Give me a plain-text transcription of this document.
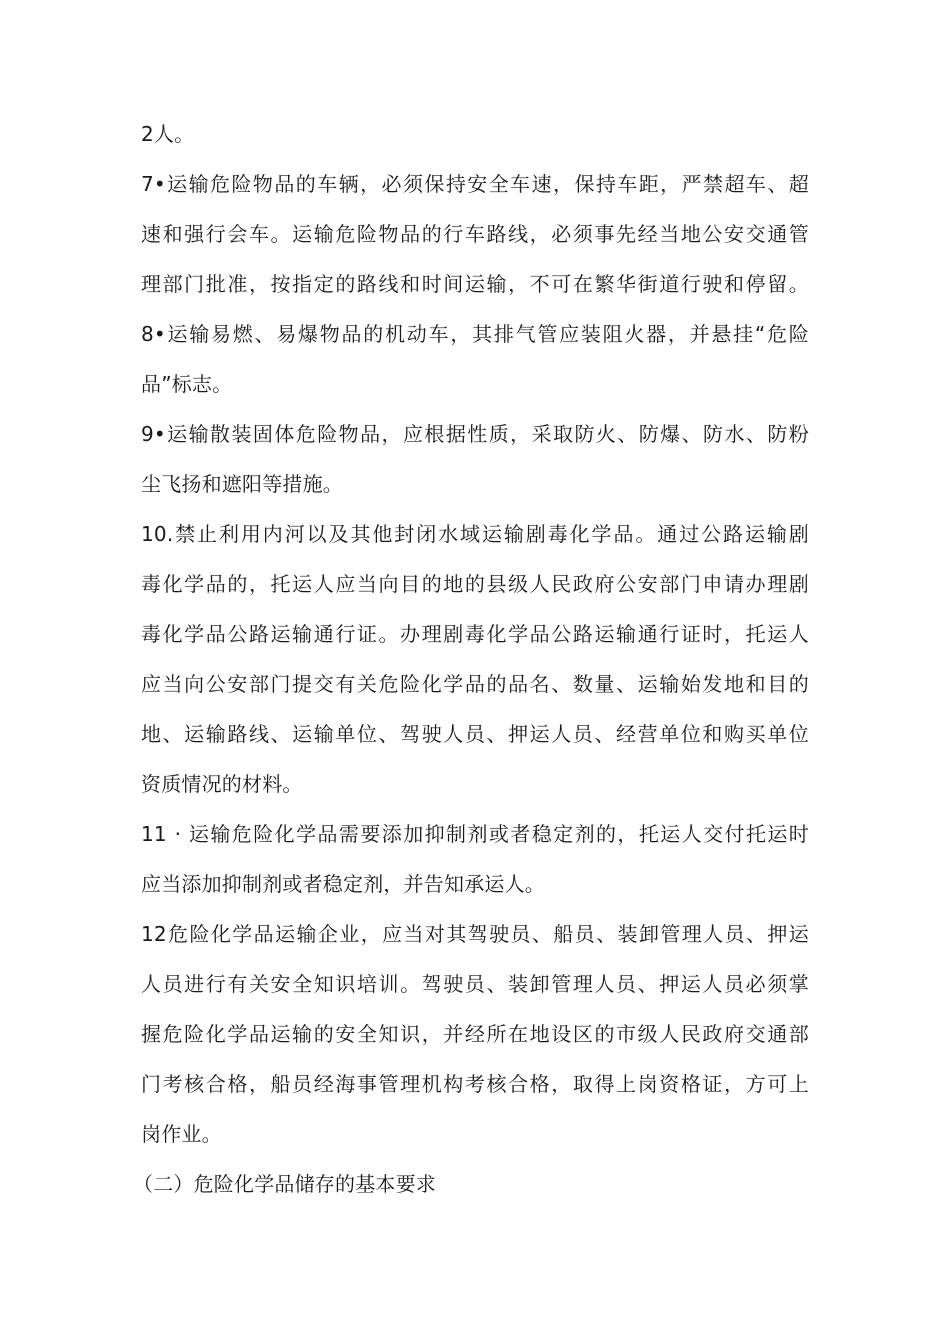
2人。
7•运输危险物品的车辆，必须保持安全车速，保持车距，严禁超车、超
速和强行会车。运输危险物品的行车路线，必须事先经当地公安交通管
理部门批准，按指定的路线和时间运输，不可在繁华街道行驶和停留。
8•运输易燃、易爆物品的机动车，其排气管应装阻火器，并悬挂“危险
品”标志。
9•运输散装固体危险物品，应根据性质，采取防火、防爆、防水、防粉
尘飞扬和遮阳等措施。
10.禁止利用内河以及其他封闭水域运输剧毒化学品。通过公路运输剧
毒化学品的，托运人应当向目的地的县级人民政府公安部门申请办理剧
毒化学品公路运输通行证。办理剧毒化学品公路运输通行证时，托运人
应当向公安部门提交有关危险化学品的品名、数量、运输始发地和目的
地、运输路线、运输单位、驾驶人员、押运人员、经营单位和购买单位
资质情况的材料。
11 · 运输危险化学品需要添加抑制剂或者稳定剂的，托运人交付托运时
应当添加抑制剂或者稳定剂，并告知承运人。
12危险化学品运输企业，应当对其驾驶员、船员、装卸管理人员、押运
人员进行有关安全知识培训。驾驶员、装卸管理人员、押运人员必须掌
握危险化学品运输的安全知识，并经所在地设区的市级人民政府交通部
门考核合格，船员经海事管理机构考核合格，取得上岗资格证，方可上
岗作业。
（二）危险化学品储存的基本要求
